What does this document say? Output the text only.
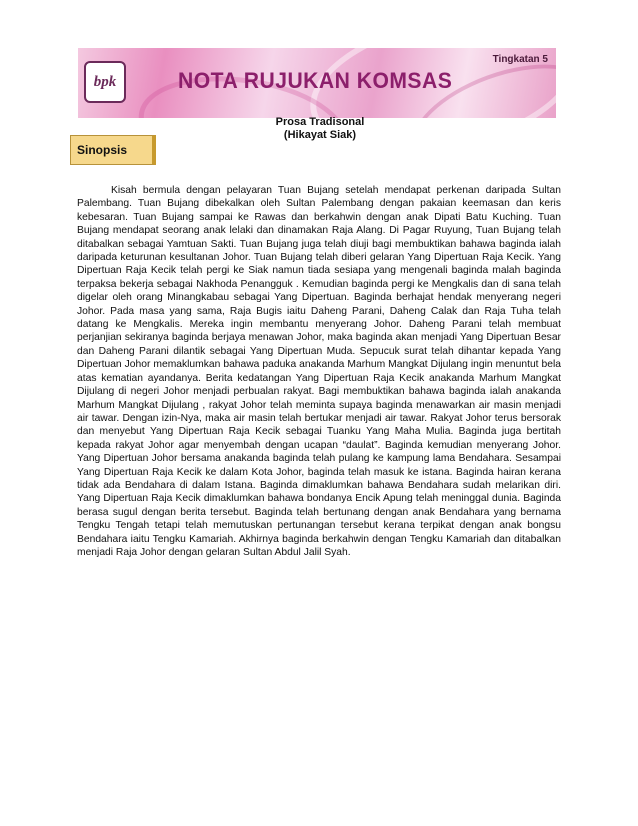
bpk	NOTA RUJUKAN KOMSAS
Tingkatan 5
Prosa Tradisonal
(Hikayat Siak)
Sinopsis
Kisah bermula dengan pelayaran Tuan Bujang setelah mendapat perkenan daripada Sultan Palembang. Tuan Bujang dibekalkan oleh Sultan Palembang dengan pakaian keemasan dan keris kebesaran. Tuan Bujang sampai ke Rawas dan berkahwin dengan anak Dipati Batu Kuching. Tuan Bujang mendapat seorang anak lelaki dan dinamakan Raja Alang. Di Pagar Ruyung, Tuan Bujang telah ditabalkan sebagai Yamtuan Sakti. Tuan Bujang juga telah diuji bagi membuktikan bahawa baginda ialah daripada keturunan kesultanan Johor. Tuan Bujang telah diberi gelaran Yang Dipertuan Raja Kecik. Yang Dipertuan Raja Kecik telah pergi ke Siak namun tiada sesiapa yang mengenali baginda malah baginda terpaksa bekerja sebagai Nakhoda Penangguk . Kemudian baginda pergi ke Mengkalis dan di sana telah digelar oleh orang Minangkabau sebagai Yang Dipertuan. Baginda berhajat hendak menyerang negeri Johor. Pada masa yang sama, Raja Bugis iaitu Daheng Parani, Daheng Calak dan Raja Tuha telah datang ke Mengkalis. Mereka ingin membantu menyerang Johor. Daheng Parani telah membuat perjanjian sekiranya baginda berjaya menawan Johor, maka baginda akan menjadi Yang Dipertuan Besar dan Daheng Parani dilantik sebagai Yang Dipertuan Muda. Sepucuk surat telah dihantar kepada Yang Dipertuan Johor memaklumkan bahawa paduka anakanda Marhum Mangkat Dijulang ingin menuntut bela atas kematian ayandanya. Berita kedatangan Yang Dipertuan Raja Kecik anakanda Marhum Mangkat Dijulang di negeri Johor menjadi perbualan rakyat. Bagi membuktikan bahawa baginda ialah anakanda Marhum Mangkat Dijulang , rakyat Johor telah meminta supaya baginda menawarkan air masin menjadi air tawar. Dengan izin-Nya, maka air masin telah bertukar menjadi air tawar. Rakyat Johor terus bersorak dan menyebut Yang Dipertuan Raja Kecik sebagai Tuanku Yang Maha Mulia. Baginda juga bertitah kepada rakyat Johor agar menyembah dengan ucapan “daulat”. Baginda kemudian menyerang Johor. Yang Dipertuan Johor bersama anakanda baginda telah pulang ke kampung lama Bendahara. Sesampai Yang Dipertuan Raja Kecik ke dalam Kota Johor, baginda telah masuk ke istana. Baginda hairan kerana tidak ada Bendahara di dalam Istana. Baginda dimaklumkan bahawa Bendahara sudah melarikan diri. Yang Dipertuan Raja Kecik dimaklumkan bahawa bondanya Encik Apung telah meninggal dunia. Baginda berasa sugul dengan berita tersebut. Baginda telah bertunang dengan anak Bendahara yang bernama Tengku Tengah tetapi telah memutuskan pertunangan tersebut kerana terpikat dengan anak bongsu Bendahara iaitu Tengku Kamariah. Akhirnya baginda berkahwin dengan Tengku Kamariah dan ditabalkan menjadi Raja Johor dengan gelaran Sultan Abdul Jalil Syah.
